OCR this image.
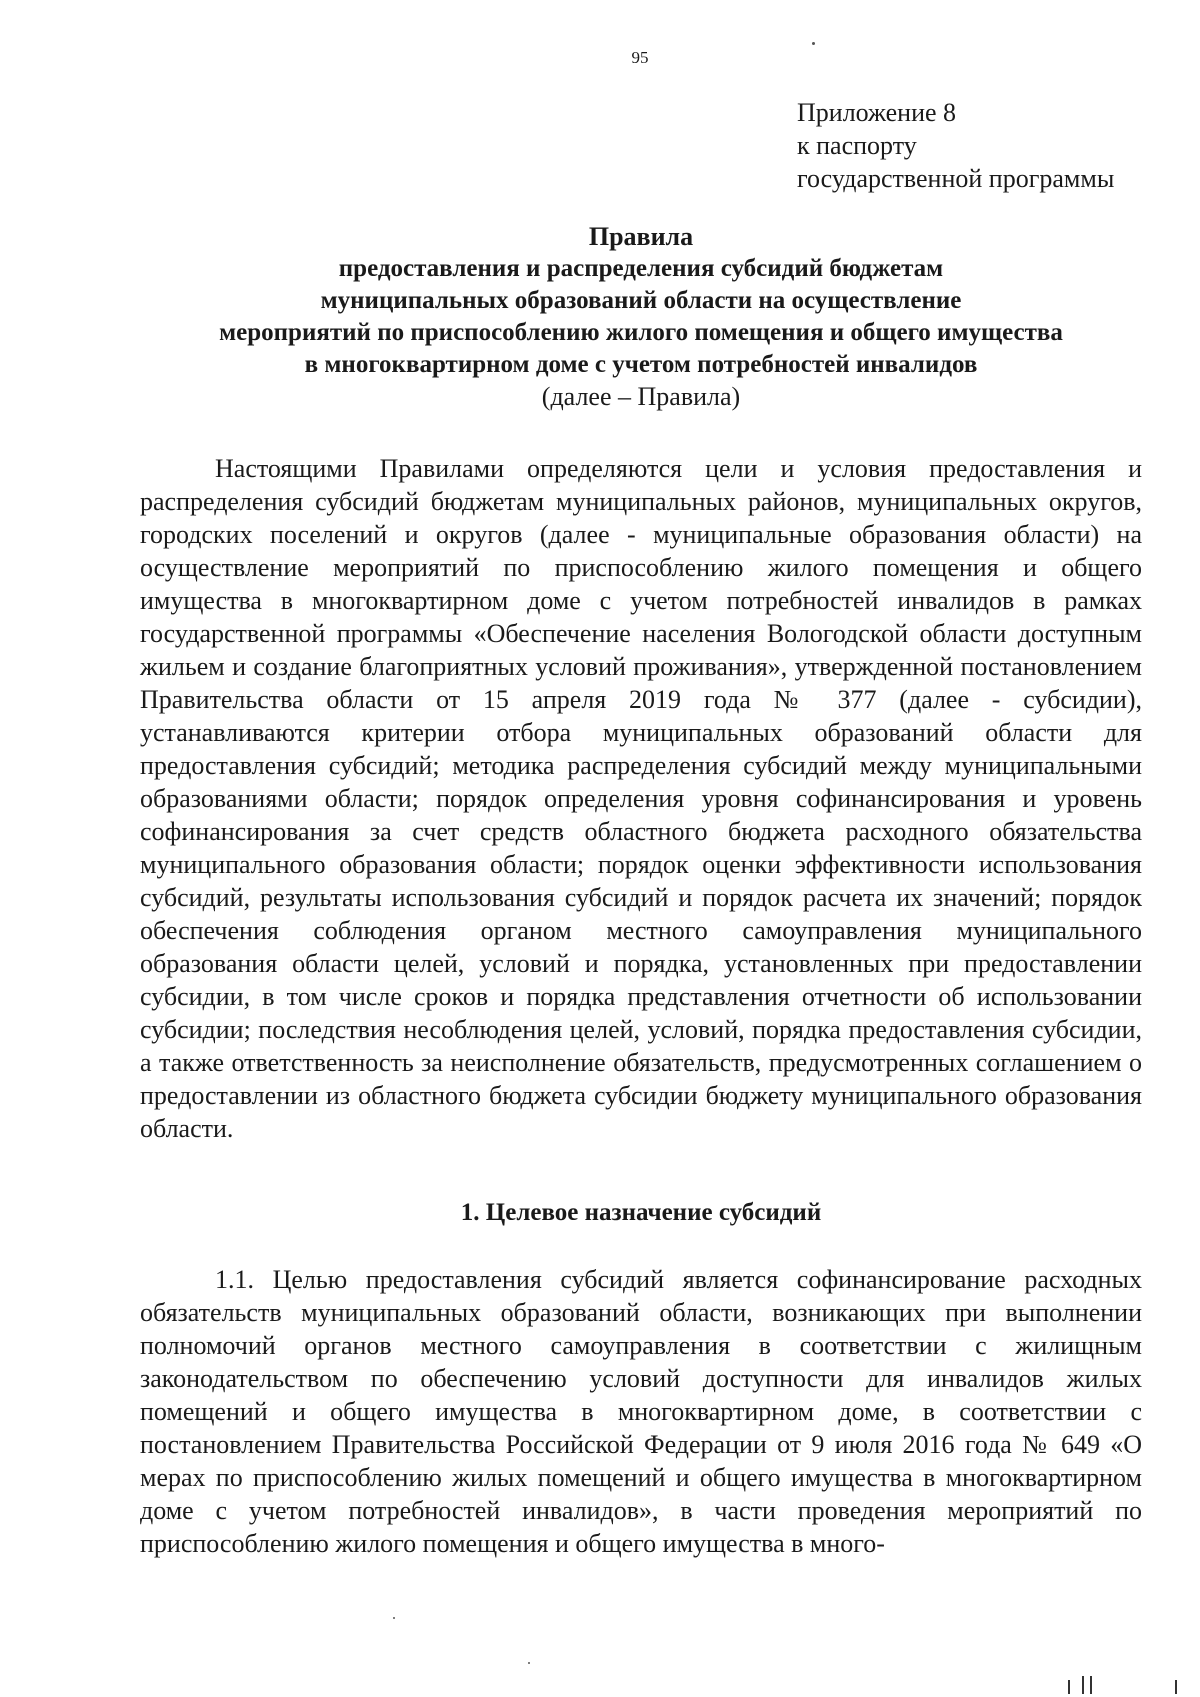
95
Приложение 8
к паспорту
государственной программы
Правила
предоставления и распределения субсидий бюджетам
муниципальных образований области на осуществление
мероприятий по приспособлению жилого помещения и общего имущества
в многоквартирном доме с учетом потребностей инвалидов
(далее – Правила)

Настоящими Правилами определяются цели и условия предоставления и распределения субсидий бюджетам муниципальных районов, муниципальных округов, городских поселений и округов (далее - муниципальные образования области) на осуществление мероприятий по приспособлению жилого помещения и общего имущества в многоквартирном доме с учетом потребностей инвалидов в рамках государственной программы «Обеспечение населения Вологодской области доступным жильем и создание благоприятных условий проживания», утвержденной постановлением Правительства области от 15 апреля 2019 года № 377 (далее - субсидии), устанавливаются критерии отбора муниципальных образований области для предоставления субсидий; методика распределения субсидий между муниципальными образованиями области; порядок определения уровня софинансирования и уровень софинансирования за счет средств областного бюджета расходного обязательства муниципального образования области; порядок оценки эффективности использования субсидий, результаты использования субсидий и порядок расчета их значений; порядок обеспечения соблюдения органом местного самоуправления муниципального образования области целей, условий и порядка, установленных при предоставлении субсидии, в том числе сроков и порядка представления отчетности об использовании субсидии; последствия несоблюдения целей, условий, порядка предоставления субсидии, а также ответственность за неисполнение обязательств, предусмотренных соглашением о предоставлении из областного бюджета субсидии бюджету муниципального образования области.

1. Целевое назначение субсидий

1.1. Целью предоставления субсидий является софинансирование расходных обязательств муниципальных образований области, возникающих при выполнении полномочий органов местного самоуправления в соответствии с жилищным законодательством по обеспечению условий доступности для инвалидов жилых помещений и общего имущества в многоквартирном доме, в соответствии с постановлением Правительства Российской Федерации от 9 июля 2016 года № 649 «О мерах по приспособлению жилых помещений и общего имущества в многоквартирном доме с учетом потребностей инвалидов», в части проведения мероприятий по приспособлению жилого помещения и общего имущества в много-
